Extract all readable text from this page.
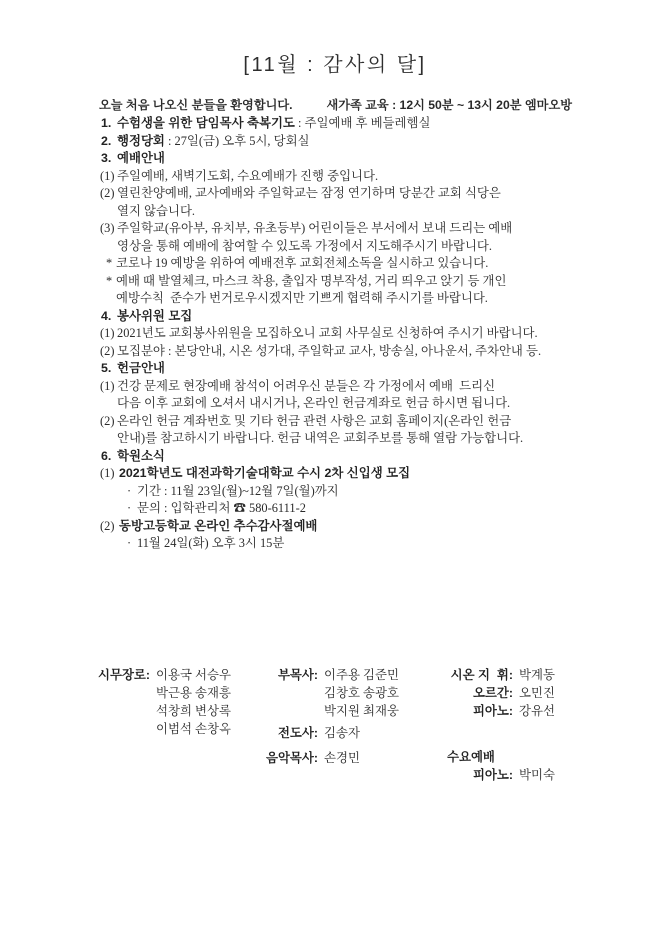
[11월 : 감사의 달]
오늘 처음 나오신 분들을 환영합니다.	새가족 교육 : 12시 50분 ~ 13시 20분 엠마오방
1. 수험생을 위한 담임목사 축복기도 : 주일예배 후 베들레헴실
2. 행정당회 : 27일(금) 오후 5시, 당회실
3. 예배안내
(1) 주일예배, 새벽기도회, 수요예배가 진행 중입니다.
(2) 열린찬양예배, 교사예배와 주일학교는 잠정 연기하며 당분간 교회 식당은
열지 않습니다.
(3) 주일학교(유아부, 유치부, 유초등부) 어린이들은 부서에서 보내 드리는 예배
영상을 통해 예배에 참여할 수 있도록 가정에서 지도해주시기 바랍니다.
* 코로나 19 예방을 위하여 예배전후 교회전체소독을 실시하고 있습니다.
* 예배 때 발열체크, 마스크 착용, 출입자 명부작성, 거리 띄우고 앉기 등 개인
예방수칙  준수가 번거로우시겠지만 기쁘게 협력해 주시기를 바랍니다.
4. 봉사위원 모집
(1) 2021년도 교회봉사위원을 모집하오니 교회 사무실로 신청하여 주시기 바랍니다.
(2) 모집분야 : 본당안내, 시온 성가대, 주일학교 교사, 방송실, 아나운서, 주차안내 등.
5. 헌금안내
(1) 건강 문제로 현장예배 참석이 어려우신 분들은 각 가정에서 예배  드리신
다음 이후 교회에 오셔서 내시거나, 온라인 헌금계좌로 헌금 하시면 됩니다.
(2) 온라인 헌금 계좌번호 및 기타 헌금 관련 사항은 교회 홈페이지(온라인 헌금
안내)를 참고하시기 바랍니다. 헌금 내역은 교회주보를 통해 열람 가능합니다.
6. 학원소식
(1) 2021학년도 대전과학기술대학교 수시 2차 신입생 모집
· 기간 : 11월 23일(월)~12월 7일(월)까지
· 문의 : 입학관리처 ☎ 580-6111-2
(2) 동방고등학교 온라인 추수감사절예배
· 11월 24일(화) 오후 3시 15분
시무장로: 이용국 서승우
박근용 송재흥
석창희 변상록
이범석 손창옥
부목사: 이주용 김준민
김창호 송광호
박지원 최재웅
전도사: 김송자
음악목사: 손경민
시온 지  휘: 박계동
오르간: 오민진
피아노: 강유선
수요예배
피아노: 박미숙
